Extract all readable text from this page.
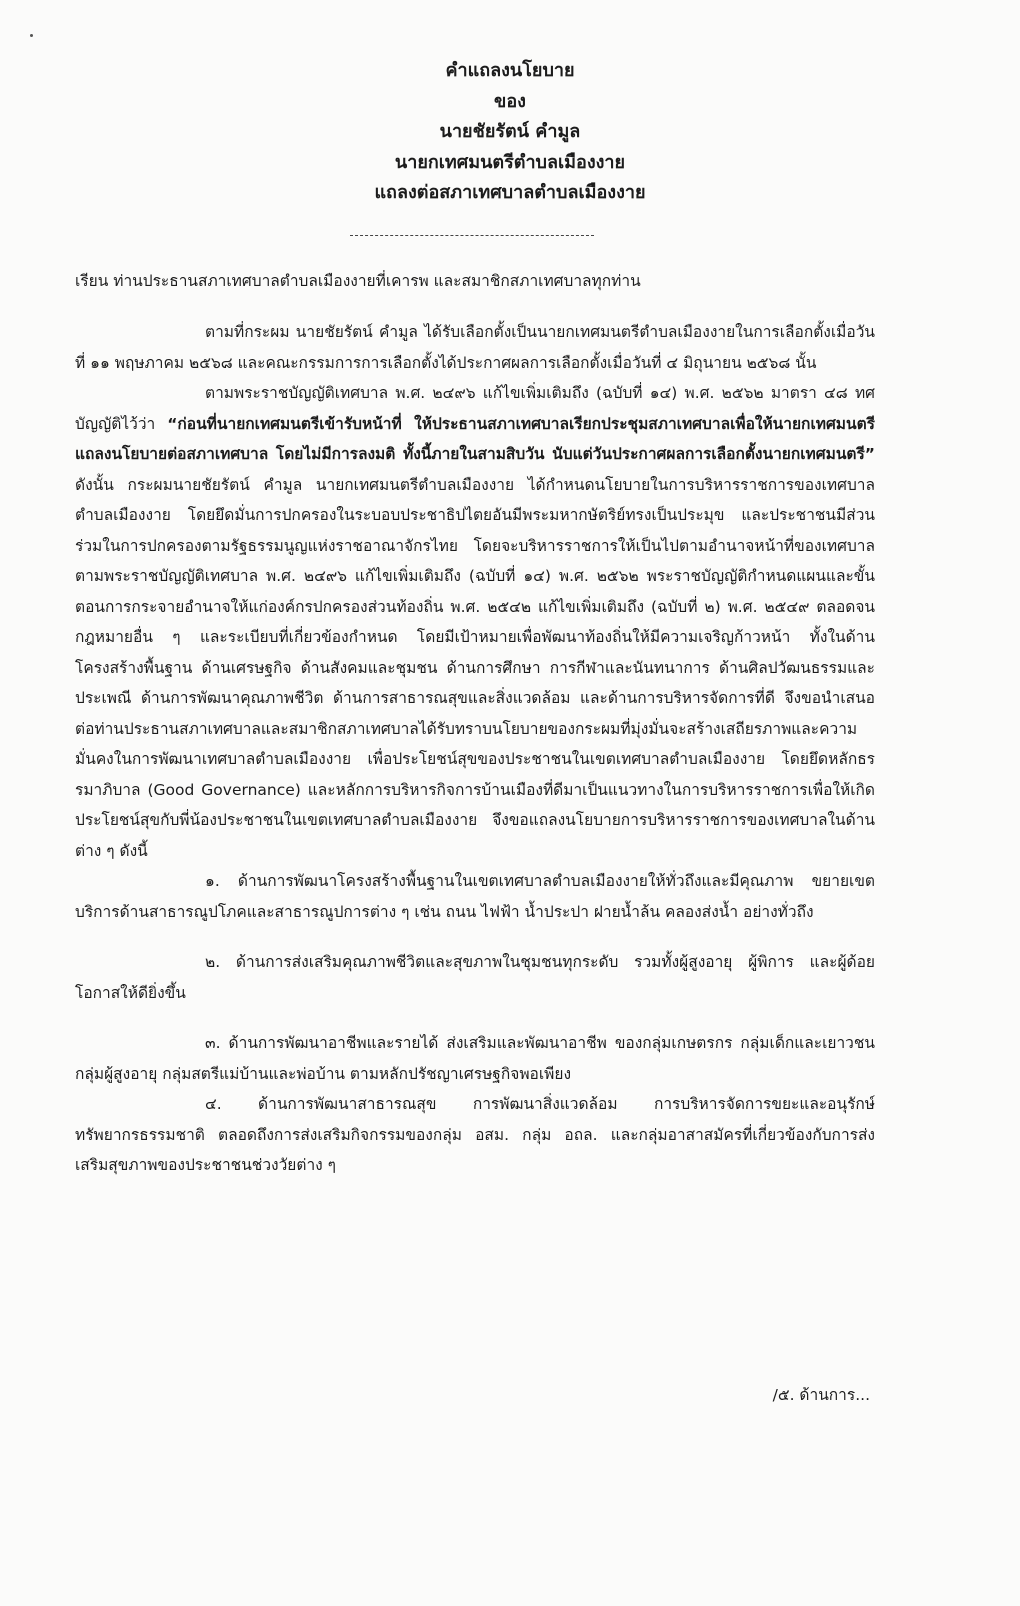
คำแถลงนโยบาย
ของ
นายชัยรัตน์ คำมูล
นายกเทศมนตรีตำบลเมืองงาย
แถลงต่อสภาเทศบาลตำบลเมืองงาย
เรียน ท่านประธานสภาเทศบาลตำบลเมืองงายที่เคารพ และสมาชิกสภาเทศบาลทุกท่าน

ตามที่กระผม นายชัยรัตน์ คำมูล ได้รับเลือกตั้งเป็นนายกเทศมนตรีตำบลเมืองงายในการเลือกตั้งเมื่อวันที่ ๑๑ พฤษภาคม ๒๕๖๘ และคณะกรรมการการเลือกตั้งได้ประกาศผลการเลือกตั้งเมื่อวันที่ ๔ มิถุนายน ๒๕๖๘ นั้น

ตามพระราชบัญญัติเทศบาล พ.ศ. ๒๔๙๖ แก้ไขเพิ่มเติมถึง (ฉบับที่ ๑๔) พ.ศ. ๒๕๖๒ มาตรา ๔๘ ทศ บัญญัติไว้ว่า “ก่อนที่นายกเทศมนตรีเข้ารับหน้าที่ ให้ประธานสภาเทศบาลเรียกประชุมสภาเทศบาลเพื่อให้นายกเทศมนตรีแถลงนโยบายต่อสภาเทศบาล โดยไม่มีการลงมติ ทั้งนี้ภายในสามสิบวัน นับแต่วันประกาศผลการเลือกตั้งนายกเทศมนตรี” ดังนั้น กระผมนายชัยรัตน์ คำมูล นายกเทศมนตรีตำบลเมืองงาย ได้กำหนดนโยบายในการบริหารราชการของเทศบาลตำบลเมืองงาย โดยยึดมั่นการปกครองในระบอบประชาธิปไตยอันมีพระมหากษัตริย์ทรงเป็นประมุข และประชาชนมีส่วนร่วมในการปกครองตามรัฐธรรมนูญแห่งราชอาณาจักรไทย โดยจะบริหารราชการให้เป็นไปตามอำนาจหน้าที่ของเทศบาลตามพระราชบัญญัติเทศบาล พ.ศ. ๒๔๙๖ แก้ไขเพิ่มเติมถึง (ฉบับที่ ๑๔) พ.ศ. ๒๕๖๒ พระราชบัญญัติกำหนดแผนและขั้นตอนการกระจายอำนาจให้แก่องค์กรปกครองส่วนท้องถิ่น พ.ศ. ๒๕๔๒ แก้ไขเพิ่มเติมถึง (ฉบับที่ ๒) พ.ศ. ๒๕๔๙ ตลอดจนกฎหมายอื่น ๆ และระเบียบที่เกี่ยวข้องกำหนด โดยมีเป้าหมายเพื่อพัฒนาท้องถิ่นให้มีความเจริญก้าวหน้า ทั้งในด้านโครงสร้างพื้นฐาน ด้านเศรษฐกิจ ด้านสังคมและชุมชน ด้านการศึกษา การกีฬาและนันทนาการ ด้านศิลปวัฒนธรรมและประเพณี ด้านการพัฒนาคุณภาพชีวิต ด้านการสาธารณสุขและสิ่งแวดล้อม และด้านการบริหารจัดการที่ดี จึงขอนำเสนอต่อท่านประธานสภาเทศบาลและสมาชิกสภาเทศบาลได้รับทราบนโยบายของกระผมที่มุ่งมั่นจะสร้างเสถียรภาพและความมั่นคงในการพัฒนาเทศบาลตำบลเมืองงาย เพื่อประโยชน์สุขของประชาชนในเขตเทศบาลตำบลเมืองงาย โดยยึดหลักธรรมาภิบาล (Good Governance) และหลักการบริหารกิจการบ้านเมืองที่ดีมาเป็นแนวทางในการบริหารราชการเพื่อให้เกิดประโยชน์สุขกับพี่น้องประชาชนในเขตเทศบาลตำบลเมืองงาย จึงขอแถลงนโยบายการบริหารราชการของเทศบาลในด้านต่าง ๆ ดังนี้

๑. ด้านการพัฒนาโครงสร้างพื้นฐานในเขตเทศบาลตำบลเมืองงายให้ทั่วถึงและมีคุณภาพ ขยายเขตบริการด้านสาธารณูปโภคและสาธารณูปการต่าง ๆ เช่น ถนน ไฟฟ้า น้ำประปา ฝายน้ำล้น คลองส่งน้ำ อย่างทั่วถึง

๒. ด้านการส่งเสริมคุณภาพชีวิตและสุขภาพในชุมชนทุกระดับ รวมทั้งผู้สูงอายุ ผู้พิการ และผู้ด้อยโอกาสให้ดียิ่งขึ้น

๓. ด้านการพัฒนาอาชีพและรายได้ ส่งเสริมและพัฒนาอาชีพ ของกลุ่มเกษตรกร กลุ่มเด็กและเยาวชน กลุ่มผู้สูงอายุ กลุ่มสตรีแม่บ้านและพ่อบ้าน ตามหลักปรัชญาเศรษฐกิจพอเพียง

๔. ด้านการพัฒนาสาธารณสุข การพัฒนาสิ่งแวดล้อม การบริหารจัดการขยะและอนุรักษ์ทรัพยากรธรรมชาติ ตลอดถึงการส่งเสริมกิจกรรมของกลุ่ม อสม. กลุ่ม อถล. และกลุ่มอาสาสมัครที่เกี่ยวข้องกับการส่งเสริมสุขภาพของประชาชนช่วงวัยต่าง ๆ

/๕. ด้านการ...
